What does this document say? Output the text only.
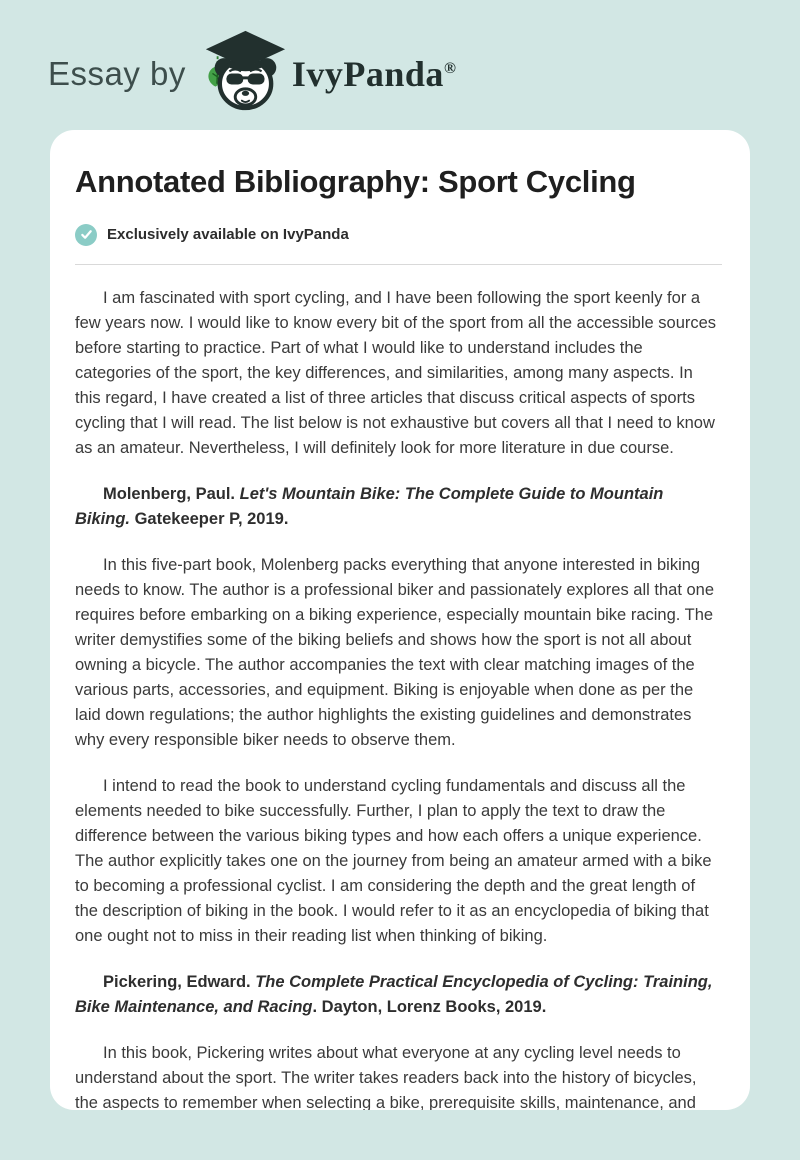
Essay by	IvyPanda®
Annotated Bibliography: Sport Cycling
Exclusively available on IvyPanda

I am fascinated with sport cycling, and I have been following the sport keenly for a few years now. I would like to know every bit of the sport from all the accessible sources before starting to practice. Part of what I would like to understand includes the categories of the sport, the key differences, and similarities, among many aspects. In this regard, I have created a list of three articles that discuss critical aspects of sports cycling that I will read. The list below is not exhaustive but covers all that I need to know as an amateur. Nevertheless, I will definitely look for more literature in due course.

Molenberg, Paul. Let's Mountain Bike: The Complete Guide to Mountain Biking. Gatekeeper P, 2019.

In this five-part book, Molenberg packs everything that anyone interested in biking needs to know. The author is a professional biker and passionately explores all that one requires before embarking on a biking experience, especially mountain bike racing. The writer demystifies some of the biking beliefs and shows how the sport is not all about owning a bicycle. The author accompanies the text with clear matching images of the various parts, accessories, and equipment. Biking is enjoyable when done as per the laid down regulations; the author highlights the existing guidelines and demonstrates why every responsible biker needs to observe them.

I intend to read the book to understand cycling fundamentals and discuss all the elements needed to bike successfully. Further, I plan to apply the text to draw the difference between the various biking types and how each offers a unique experience. The author explicitly takes one on the journey from being an amateur armed with a bike to becoming a professional cyclist. I am considering the depth and the great length of the description of biking in the book. I would refer to it as an encyclopedia of biking that one ought not to miss in their reading list when thinking of biking.

Pickering, Edward. The Complete Practical Encyclopedia of Cycling: Training, Bike Maintenance, and Racing. Dayton, Lorenz Books, 2019.

In this book, Pickering writes about what everyone at any cycling level needs to understand about the sport. The writer takes readers back into the history of bicycles, the aspects to remember when selecting a bike, prerequisite skills, maintenance, and
